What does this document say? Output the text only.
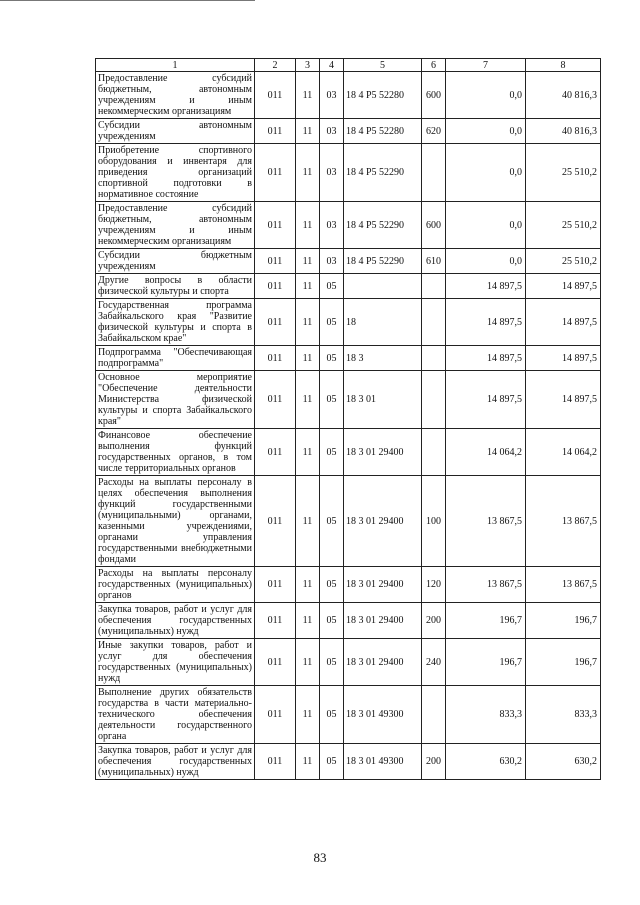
1	2	3	4	5	6	7	8
Предоставление субсидий бюджетным, автономным учреждениям и иным некоммерческим организациям	011	11	03	18 4 P5 52280	600	0,0	40 816,3
Субсидии автономным учреждениям	011	11	03	18 4 P5 52280	620	0,0	40 816,3
Приобретение спортивного оборудования и инвентаря для приведения организаций спортивной подготовки в нормативное состояние	011	11	03	18 4 P5 52290		0,0	25 510,2
Предоставление субсидий бюджетным, автономным учреждениям и иным некоммерческим организациям	011	11	03	18 4 P5 52290	600	0,0	25 510,2
Субсидии бюджетным учреждениям	011	11	03	18 4 P5 52290	610	0,0	25 510,2
Другие вопросы в области физической культуры и спорта	011	11	05			14 897,5	14 897,5
Государственная программа Забайкальского края "Развитие физической культуры и спорта в Забайкальском крае"	011	11	05	18		14 897,5	14 897,5
Подпрограмма "Обеспечивающая подпрограмма"	011	11	05	18 3		14 897,5	14 897,5
Основное мероприятие "Обеспечение деятельности Министерства физической культуры и спорта Забайкальского края"	011	11	05	18 3 01		14 897,5	14 897,5
Финансовое обеспечение выполнения функций государственных органов, в том числе территориальных органов	011	11	05	18 3 01 29400		14 064,2	14 064,2
Расходы на выплаты персоналу в целях обеспечения выполнения функций государственными (муниципальными) органами, казенными учреждениями, органами управления государственными внебюджетными фондами	011	11	05	18 3 01 29400	100	13 867,5	13 867,5
Расходы на выплаты персоналу государственных (муниципальных) органов	011	11	05	18 3 01 29400	120	13 867,5	13 867,5
Закупка товаров, работ и услуг для обеспечения государственных (муниципальных) нужд	011	11	05	18 3 01 29400	200	196,7	196,7
Иные закупки товаров, работ и услуг для обеспечения государственных (муниципальных) нужд	011	11	05	18 3 01 29400	240	196,7	196,7
Выполнение других обязательств государства в части материально-технического обеспечения деятельности государственного органа	011	11	05	18 3 01 49300		833,3	833,3
Закупка товаров, работ и услуг для обеспечения государственных (муниципальных) нужд	011	11	05	18 3 01 49300	200	630,2	630,2
83
